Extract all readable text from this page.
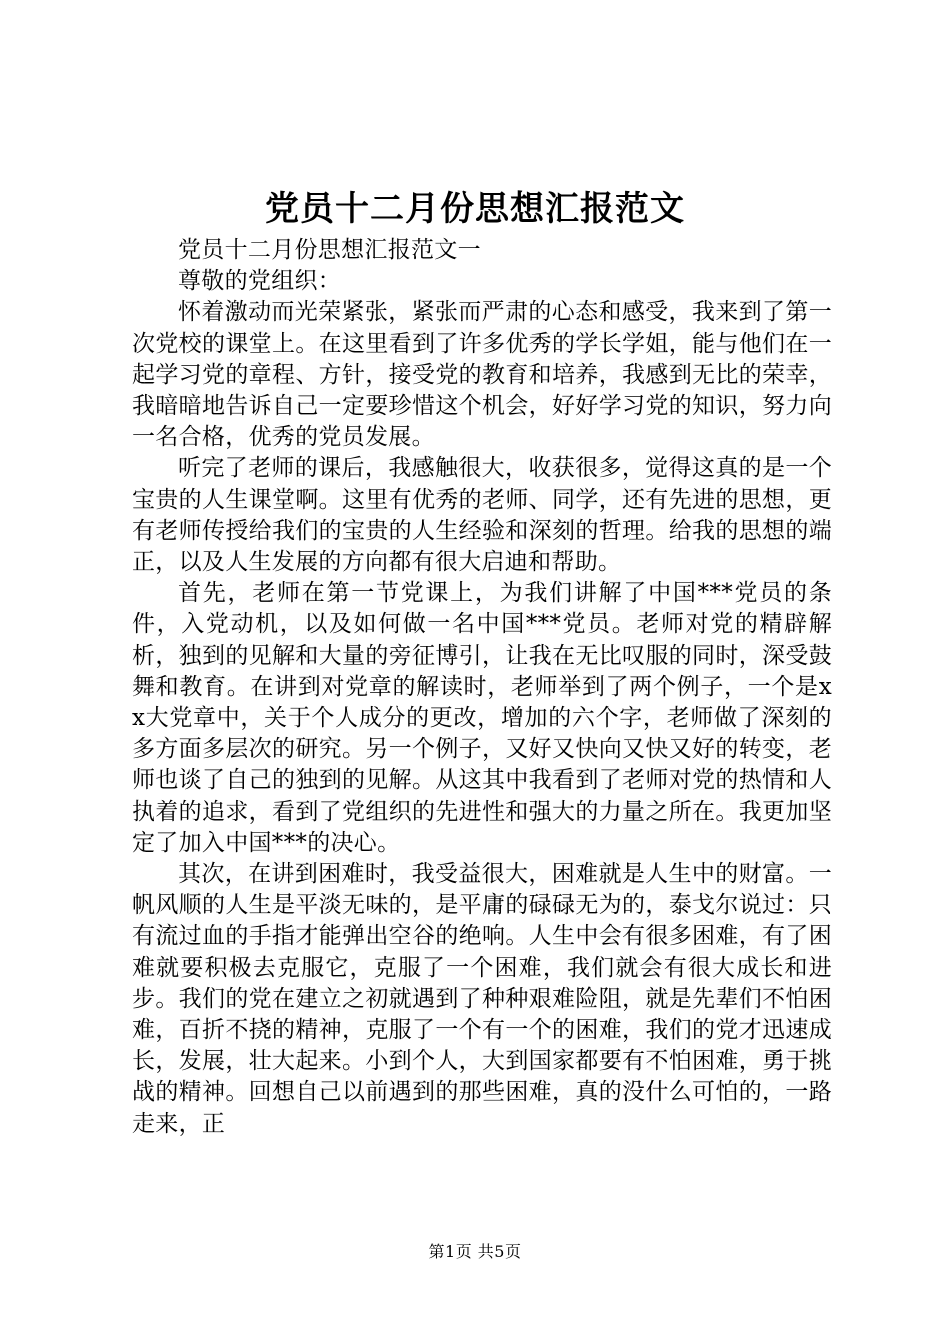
党员十二月份思想汇报范文

党员十二月份思想汇报范文一

尊敬的党组织：

怀着激动而光荣紧张，紧张而严肃的心态和感受，我来到了第一次党校的课堂上。在这里看到了许多优秀的学长学姐，能与他们在一起学习党的章程、方针，接受党的教育和培养，我感到无比的荣幸，我暗暗地告诉自己一定要珍惜这个机会，好好学习党的知识，努力向一名合格，优秀的党员发展。

听完了老师的课后，我感触很大，收获很多，觉得这真的是一个宝贵的人生课堂啊。这里有优秀的老师、同学，还有先进的思想，更有老师传授给我们的宝贵的人生经验和深刻的哲理。给我的思想的端正，以及人生发展的方向都有很大启迪和帮助。

首先，老师在第一节党课上，为我们讲解了中国***党员的条件，入党动机，以及如何做一名中国***党员。老师对党的精辟解析，独到的见解和大量的旁征博引，让我在无比叹服的同时，深受鼓舞和教育。在讲到对党章的解读时，老师举到了两个例子，一个是xx大党章中，关于个人成分的更改，增加的六个字，老师做了深刻的多方面多层次的研究。另一个例子，又好又快向又快又好的转变，老师也谈了自己的独到的见解。从这其中我看到了老师对党的热情和人执着的追求，看到了党组织的先进性和强大的力量之所在。我更加坚定了加入中国***的决心。

其次，在讲到困难时，我受益很大，困难就是人生中的财富。一帆风顺的人生是平淡无味的，是平庸的碌碌无为的，泰戈尔说过：只有流过血的手指才能弹出空谷的绝响。人生中会有很多困难，有了困难就要积极去克服它，克服了一个困难，我们就会有很大成长和进步。我们的党在建立之初就遇到了种种艰难险阻，就是先辈们不怕困难，百折不挠的精神，克服了一个有一个的困难，我们的党才迅速成长，发展，壮大起来。小到个人，大到国家都要有不怕困难，勇于挑战的精神。回想自己以前遇到的那些困难，真的没什么可怕的，一路走来，正

第1页 共5页
